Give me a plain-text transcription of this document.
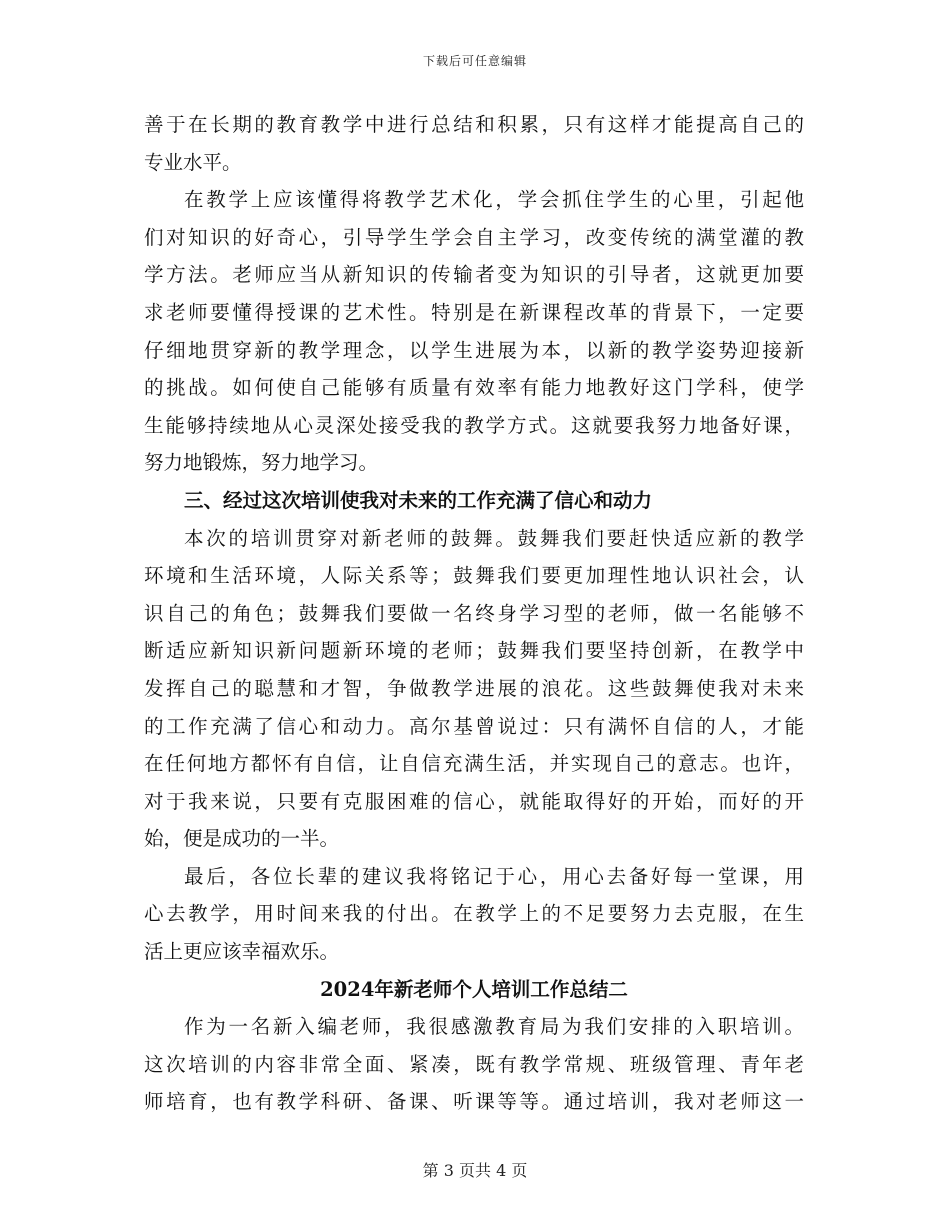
下载后可任意编辑
善于在长期的教育教学中进行总结和积累，只有这样才能提高自己的
专业水平。
在教学上应该懂得将教学艺术化，学会抓住学生的心里，引起他
们对知识的好奇心，引导学生学会自主学习，改变传统的满堂灌的教
学方法。老师应当从新知识的传输者变为知识的引导者，这就更加要
求老师要懂得授课的艺术性。特别是在新课程改革的背景下，一定要
仔细地贯穿新的教学理念，以学生进展为本，以新的教学姿势迎接新
的挑战。如何使自己能够有质量有效率有能力地教好这门学科，使学
生能够持续地从心灵深处接受我的教学方式。这就要我努力地备好课，
努力地锻炼，努力地学习。
三、经过这次培训使我对未来的工作充满了信心和动力
本次的培训贯穿对新老师的鼓舞。鼓舞我们要赶快适应新的教学
环境和生活环境，人际关系等；鼓舞我们要更加理性地认识社会，认
识自己的角色；鼓舞我们要做一名终身学习型的老师，做一名能够不
断适应新知识新问题新环境的老师；鼓舞我们要坚持创新，在教学中
发挥自己的聪慧和才智，争做教学进展的浪花。这些鼓舞使我对未来
的工作充满了信心和动力。高尔基曾说过：只有满怀自信的人，才能
在任何地方都怀有自信，让自信充满生活，并实现自己的意志。也许，
对于我来说，只要有克服困难的信心，就能取得好的开始，而好的开
始，便是成功的一半。
最后，各位长辈的建议我将铭记于心，用心去备好每一堂课，用
心去教学，用时间来我的付出。在教学上的不足要努力去克服，在生
活上更应该幸福欢乐。
2024年新老师个人培训工作总结二
作为一名新入编老师，我很感激教育局为我们安排的入职培训。
这次培训的内容非常全面、紧凑，既有教学常规、班级管理、青年老
师培育，也有教学科研、备课、听课等等。通过培训，我对老师这一
第 3 页共 4 页
